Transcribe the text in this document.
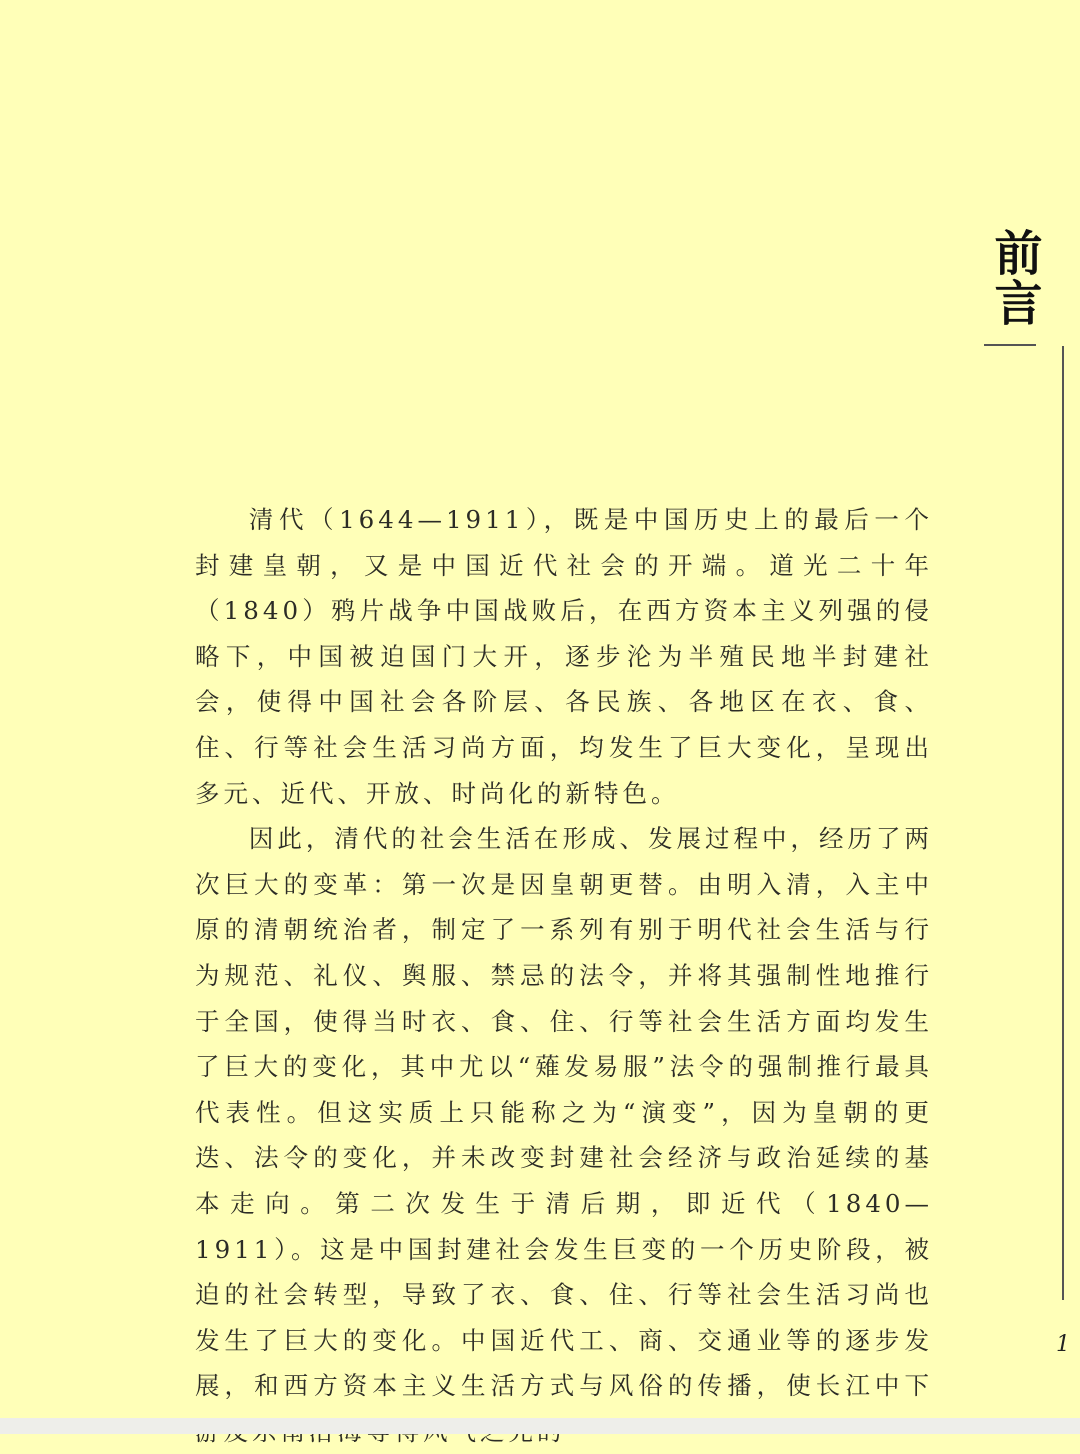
前言

清代（1644—1911），既是中国历史上的最后一个封建皇朝，又是中国近代社会的开端。道光二十年（1840）鸦片战争中国战败后，在西方资本主义列强的侵略下，中国被迫国门大开，逐步沦为半殖民地半封建社会，使得中国社会各阶层、各民族、各地区在衣、食、住、行等社会生活习尚方面，均发生了巨大变化，呈现出多元、近代、开放、时尚化的新特色。

因此，清代的社会生活在形成、发展过程中，经历了两次巨大的变革：第一次是因皇朝更替。由明入清，入主中原的清朝统治者，制定了一系列有别于明代社会生活与行为规范、礼仪、舆服、禁忌的法令，并将其强制性地推行于全国，使得当时衣、食、住、行等社会生活方面均发生了巨大的变化，其中尤以“薙发易服”法令的强制推行最具代表性。但这实质上只能称之为“演变”，因为皇朝的更迭、法令的变化，并未改变封建社会经济与政治延续的基本走向。第二次发生于清后期，即近代（1840—1911）。这是中国封建社会发生巨变的一个历史阶段，被迫的社会转型，导致了衣、食、住、行等社会生活习尚也发生了巨大的变化。中国近代工、商、交通业等的逐步发展，和西方资本主义生活方式与风俗的传播，使长江中下

1
